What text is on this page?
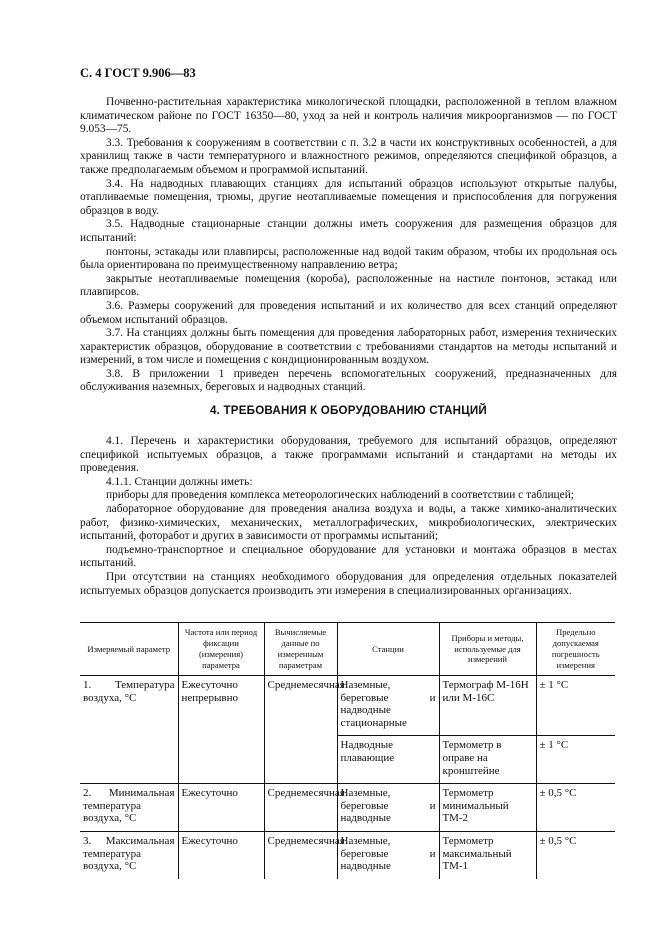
С. 4 ГОСТ 9.906—83

Почвенно-растительная характеристика микологической площадки, расположенной в теплом влажном климатическом районе по ГОСТ 16350—80, уход за ней и контроль наличия микроорганизмов — по ГОСТ 9.053—75.

3.3. Требования к сооружениям в соответствии с п. 3.2 в части их конструктивных особенностей, а для хранилищ также в части температурного и влажностного режимов, определяются спецификой образцов, а также предполагаемым объемом и программой испытаний.

3.4. На надводных плавающих станциях для испытаний образцов используют открытые палубы, отапливаемые помещения, трюмы, другие неотапливаемые помещения и приспособления для погружения образцов в воду.

3.5. Надводные стационарные станции должны иметь сооружения для размещения образцов для испытаний:

понтоны, эстакады или плавпирсы, расположенные над водой таким образом, чтобы их продольная ось была ориентирована по преимущественному направлению ветра;

закрытые неотапливаемые помещения (короба), расположенные на настиле понтонов, эстакад или плавпирсов.

3.6. Размеры сооружений для проведения испытаний и их количество для всех станций определяют объемом испытаний образцов.

3.7. На станциях должны быть помещения для проведения лабораторных работ, измерения технических характеристик образцов, оборудование в соответствии с требованиями стандартов на методы испытаний и измерений, в том числе и помещения с кондиционированным воздухом.

3.8. В приложении 1 приведен перечень вспомогательных сооружений, предназначенных для обслуживания наземных, береговых и надводных станций.

4. ТРЕБОВАНИЯ К ОБОРУДОВАНИЮ СТАНЦИЙ

4.1. Перечень и характеристики оборудования, требуемого для испытаний образцов, определяют спецификой испытуемых образцов, а также программами испытаний и стандартами на методы их проведения.

4.1.1. Станции должны иметь:

приборы для проведения комплекса метеорологических наблюдений в соответствии с таблицей;

лабораторное оборудование для проведения анализа воздуха и воды, а также химико-аналитических работ, физико-химических, механических, металлографических, микробиологических, электрических испытаний, фоторабот и других в зависимости от программы испытаний;

подъемно-транспортное и специальное оборудование для установки и монтажа образцов в местах испытаний.

При отсутствии на станциях необходимого оборудования для определения отдельных показателей испытуемых образцов допускается производить эти измерения в специализированных организациях.

Измеряемый параметр	Частота или период фиксации (измерения) параметра	Вычисляемые данные по измеренным параметрам	Станции	Приборы и методы, используемые для измерений	Предельно допускаемая погрешность измерения
1. Температура воздуха, °С	Ежесуточно непрерывно	Среднемесячная	Наземные, береговые и надводные стационарные	Термограф М-16Н или М-16С	± 1 °С
			Надводные плавающие	Термометр в оправе на кронштейне	± 1 °С
2. Минимальная температура воздуха, °С	Ежесуточно	Среднемесячная	Наземные, береговые и надводные	Термометр минимальный ТМ-2	± 0,5 °С
3. Максимальная температура воздуха, °С	Ежесуточно	Среднемесячная	Наземные, береговые и надводные	Термометр максимальный ТМ-1	± 0,5 °С
